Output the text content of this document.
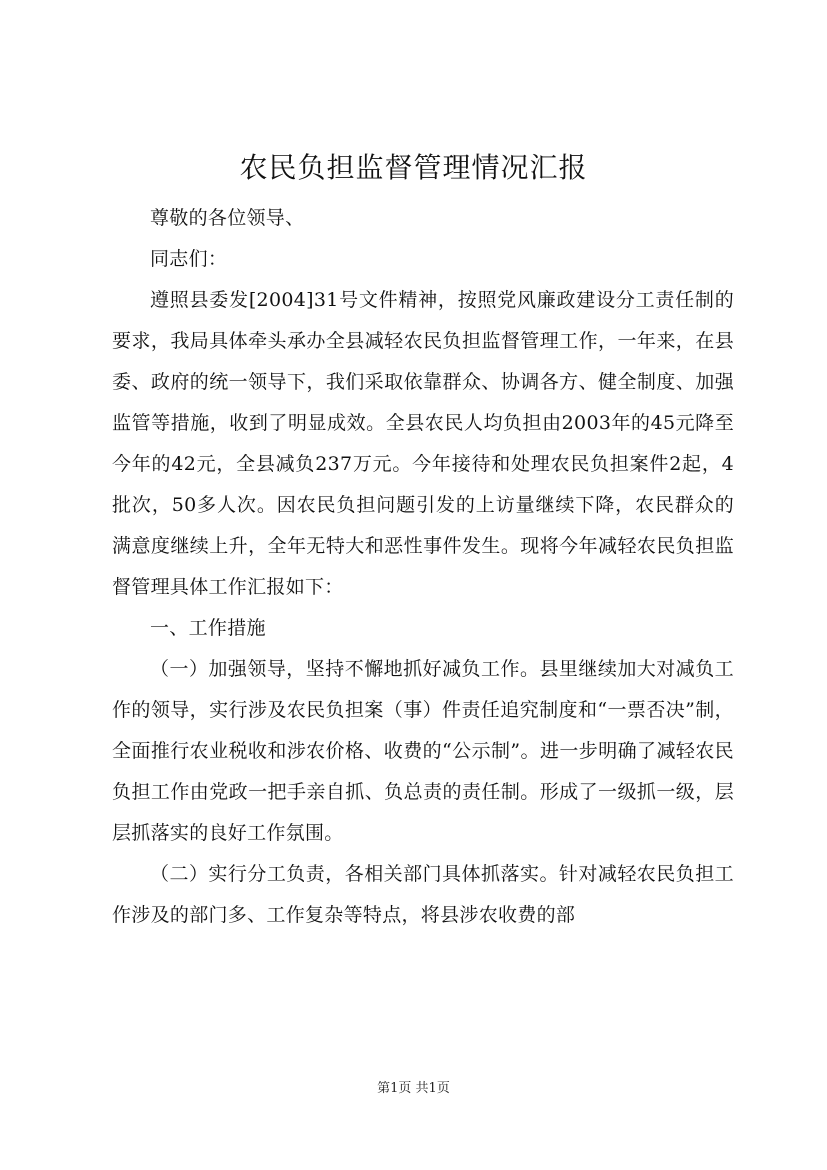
农民负担监督管理情况汇报

尊敬的各位领导、

同志们：

遵照县委发[2004]31号文件精神，按照党风廉政建设分工责任制的要求，我局具体牵头承办全县减轻农民负担监督管理工作，一年来，在县委、政府的统一领导下，我们采取依靠群众、协调各方、健全制度、加强监管等措施，收到了明显成效。全县农民人均负担由2003年的45元降至今年的42元，全县减负237万元。今年接待和处理农民负担案件2起，4批次，50多人次。因农民负担问题引发的上访量继续下降，农民群众的满意度继续上升，全年无特大和恶性事件发生。现将今年减轻农民负担监督管理具体工作汇报如下：

一、工作措施

（一）加强领导，坚持不懈地抓好减负工作。县里继续加大对减负工作的领导，实行涉及农民负担案（事）件责任追究制度和“一票否决”制，全面推行农业税收和涉农价格、收费的“公示制”。进一步明确了减轻农民负担工作由党政一把手亲自抓、负总责的责任制。形成了一级抓一级，层层抓落实的良好工作氛围。

（二）实行分工负责，各相关部门具体抓落实。针对减轻农民负担工作涉及的部门多、工作复杂等特点，将县涉农收费的部

第1页 共1页
